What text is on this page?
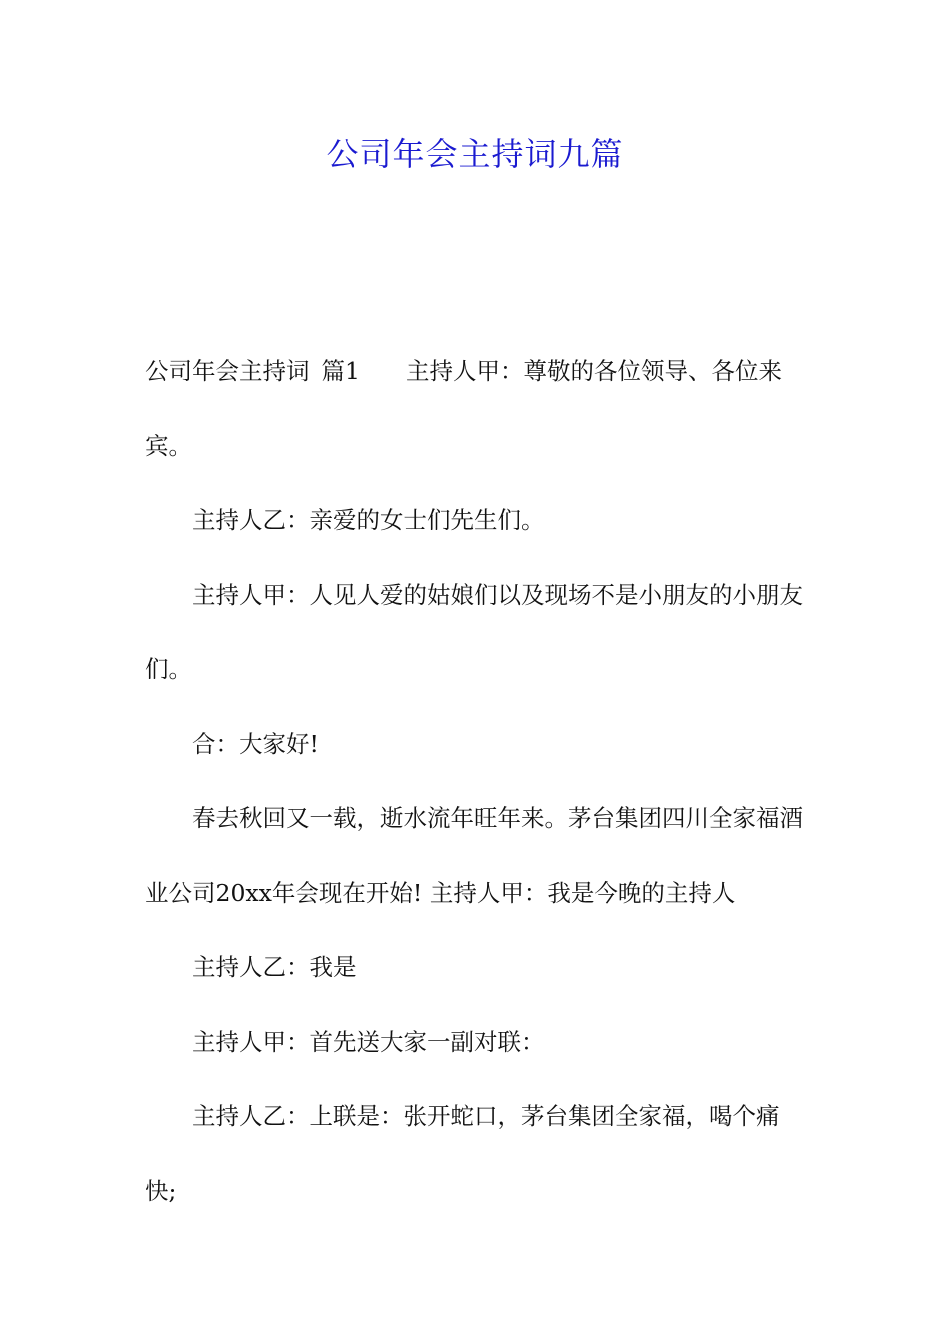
公司年会主持词九篇

公司年会主持词 篇1 主持人甲：尊敬的各位领导、各位来宾。

主持人乙：亲爱的女士们先生们。

主持人甲：人见人爱的姑娘们以及现场不是小朋友的小朋友们。

合：大家好!

春去秋回又一载，逝水流年旺年来。茅台集团四川全家福酒业公司20xx年会现在开始! 主持人甲：我是今晚的主持人

主持人乙：我是

主持人甲：首先送大家一副对联：

主持人乙：上联是：张开蛇口，茅台集团全家福，喝个痛快;
